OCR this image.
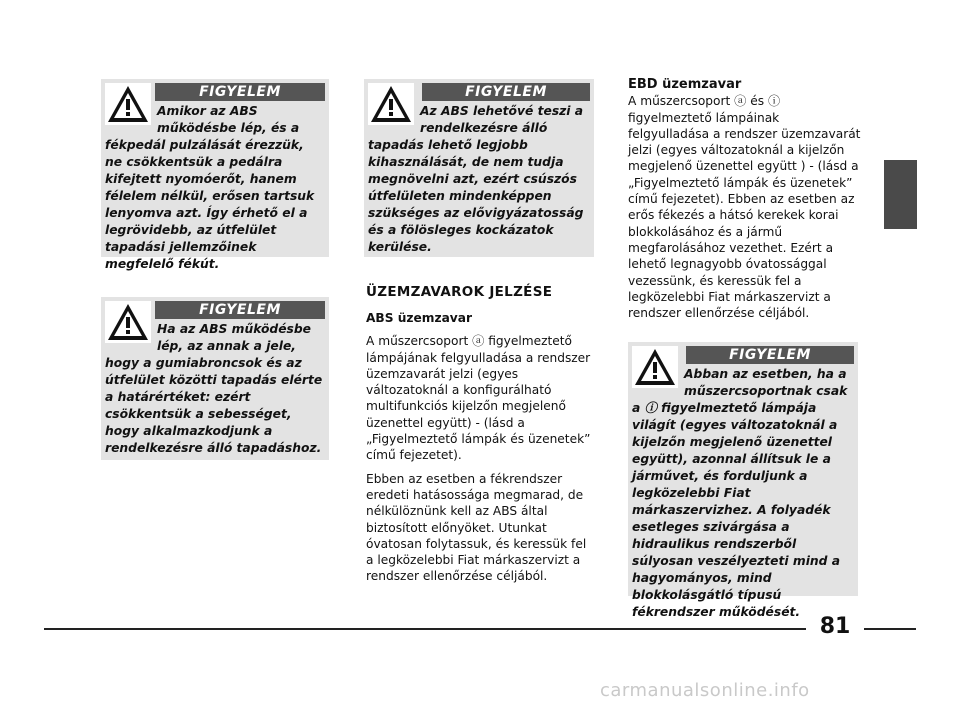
FIGYELEM

Amikor az ABS

működésbe lép, és a
fékpedál pulzálását érezzük, ne csökkentsük a pedálra kifejtett nyomóerőt, hanem félelem nélkül, erősen tartsuk lenyomva azt. Így érhető el a legrövidebb, az útfelület tapadási jellemzőinek megfelelő fékút.

FIGYELEM

Ha az ABS működésbe

lép, az annak a jele,
hogy a gumiabroncsok és az útfelület közötti tapadás elérte a határértéket: ezért csökkentsük a sebességet, hogy alkalmazkodjunk a rendelkezésre álló tapadáshoz.

FIGYELEM

Az ABS lehetővé teszi a

rendelkezésre álló
tapadás lehető legjobb kihasználását, de nem tudja megnövelni azt, ezért csúszós útfelületen mindenképpen szükséges az elővigyázatosság és a fölösleges kockázatok kerülése.

ÜZEMZAVAROK JELZÉSE

ABS üzemzavar

A műszercsoport ⓐ figyelmeztető lámpájának felgyulladása a rendszer üzemzavarát jelzi (egyes változatoknál a konfigurálható multifunkciós kijelzőn megjelenő üzenettel együtt) - (lásd a „Figyelmeztető lámpák és üzenetek” című fejezetet).

Ebben az esetben a fékrendszer eredeti hatásossága megmarad, de nélkülöznünk kell az ABS által biztosított előnyöket. Utunkat óvatosan folytassuk, és keressük fel a legközelebbi Fiat márkaszervizt a rendszer ellenőrzése céljából.

EBD üzemzavar

A műszercsoport ⓐ és ⓘ figyelmeztető lámpáinak felgyulladása a rendszer üzemzavarát jelzi (egyes változatoknál a kijelzőn megjelenő üzenettel együtt ) - (lásd a „Figyelmeztető lámpák és üzenetek” című fejezetet). Ebben az esetben az erős fékezés a hátsó kerekek korai blokkolásához és a jármű megfarolásához vezethet. Ezért a lehető legnagyobb óvatossággal vezessünk, és keressük fel a legközelebbi Fiat márkaszervizt a rendszer ellenőrzése céljából.

FIGYELEM

Abban az esetben, ha a

műszercsoportnak csak
a ⓘ figyelmeztető lámpája világít (egyes változatoknál a kijelzőn megjelenő üzenettel együtt), azonnal állítsuk le a járművet, és forduljunk a legközelebbi Fiat márkaszervizhez. A folyadék esetleges szivárgása a hidraulikus rendszerből súlyosan veszélyezteti mind a hagyományos, mind blokkolásgátló típusú fékrendszer működését.

81
carmanualsonline.info
